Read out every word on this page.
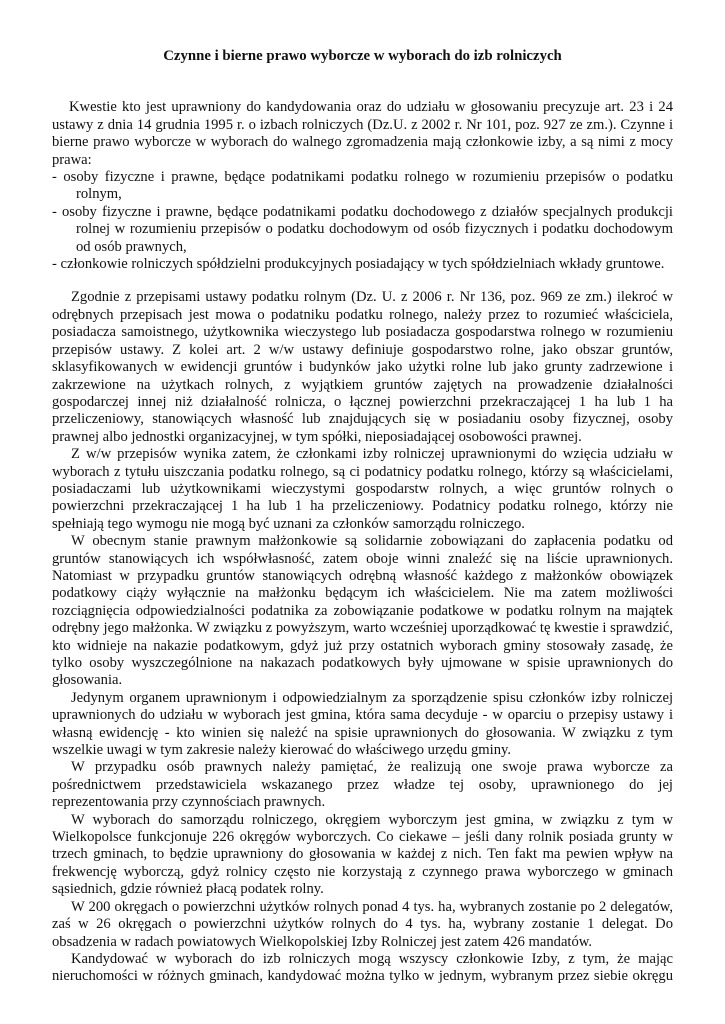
Czynne i bierne prawo wyborcze w wyborach do izb rolniczych

Kwestie kto jest uprawniony do kandydowania oraz do udziału w głosowaniu precyzuje art. 23 i 24 ustawy z dnia 14 grudnia 1995 r. o izbach rolniczych (Dz.U. z 2002 r. Nr 101, poz. 927 ze zm.). Czynne i bierne prawo wyborcze w wyborach do walnego zgromadzenia mają członkowie izby, a są nimi z mocy prawa:

- osoby fizyczne i prawne, będące podatnikami podatku rolnego w rozumieniu przepisów o podatku rolnym,
- osoby fizyczne i prawne, będące podatnikami podatku dochodowego z działów specjalnych produkcji rolnej w rozumieniu przepisów o podatku dochodowym od osób fizycznych i podatku dochodowym od osób prawnych,
- członkowie rolniczych spółdzielni produkcyjnych posiadający w tych spółdzielniach wkłady gruntowe.

Zgodnie z przepisami ustawy podatku rolnym (Dz. U. z 2006 r. Nr 136, poz. 969 ze zm.) ilekroć w odrębnych przepisach jest mowa o podatniku podatku rolnego, należy przez to rozumieć właściciela, posiadacza samoistnego, użytkownika wieczystego lub posiadacza gospodarstwa rolnego w rozumieniu przepisów ustawy. Z kolei art. 2 w/w ustawy definiuje gospodarstwo rolne, jako obszar gruntów, sklasyfikowanych w ewidencji gruntów i budynków jako użytki rolne lub jako grunty zadrzewione i zakrzewione na użytkach rolnych, z wyjątkiem gruntów zajętych na prowadzenie działalności gospodarczej innej niż działalność rolnicza, o łącznej powierzchni przekraczającej 1 ha lub 1 ha przeliczeniowy, stanowiących własność lub znajdujących się w posiadaniu osoby fizycznej, osoby prawnej albo jednostki organizacyjnej, w tym spółki, nieposiadającej osobowości prawnej.

Z w/w przepisów wynika zatem, że członkami izby rolniczej uprawnionymi do wzięcia udziału w wyborach z tytułu uiszczania podatku rolnego, są ci podatnicy podatku rolnego, którzy są właścicielami, posiadaczami lub użytkownikami wieczystymi gospodarstw rolnych, a więc gruntów rolnych o powierzchni przekraczającej 1 ha lub 1 ha przeliczeniowy. Podatnicy podatku rolnego, którzy nie spełniają tego wymogu nie mogą być uznani za członków samorządu rolniczego.

W obecnym stanie prawnym małżonkowie są solidarnie zobowiązani do zapłacenia podatku od gruntów stanowiących ich współwłasność, zatem oboje winni znaleźć się na liście uprawnionych. Natomiast w przypadku gruntów stanowiących odrębną własność każdego z małżonków obowiązek podatkowy ciąży wyłącznie na małżonku będącym ich właścicielem. Nie ma zatem możliwości rozciągnięcia odpowiedzialności podatnika za zobowiązanie podatkowe w podatku rolnym na majątek odrębny jego małżonka. W związku z powyższym, warto wcześniej uporządkować tę kwestie i sprawdzić, kto widnieje na nakazie podatkowym, gdyż już przy ostatnich wyborach gminy stosowały zasadę, że tylko osoby wyszczególnione na nakazach podatkowych były ujmowane w spisie uprawnionych do głosowania.

Jedynym organem uprawnionym i odpowiedzialnym za sporządzenie spisu członków izby rolniczej uprawnionych do udziału w wyborach jest gmina, która sama decyduje - w oparciu o przepisy ustawy i własną ewidencję - kto winien się należć na spisie uprawnionych do głosowania. W związku z tym wszelkie uwagi w tym zakresie należy kierować do właściwego urzędu gminy.

W przypadku osób prawnych należy pamiętać, że realizują one swoje prawa wyborcze za pośrednictwem przedstawiciela wskazanego przez władze tej osoby, uprawnionego do jej reprezentowania przy czynnościach prawnych.

W wyborach do samorządu rolniczego, okręgiem wyborczym jest gmina, w związku z tym w Wielkopolsce funkcjonuje 226 okręgów wyborczych. Co ciekawe – jeśli dany rolnik posiada grunty w trzech gminach, to będzie uprawniony do głosowania w każdej z nich. Ten fakt ma pewien wpływ na frekwencję wyborczą, gdyż rolnicy często nie korzystają z czynnego prawa wyborczego w gminach sąsiednich, gdzie również płacą podatek rolny.

W 200 okręgach o powierzchni użytków rolnych ponad 4 tys. ha, wybranych zostanie po 2 delegatów, zaś w 26 okręgach o powierzchni użytków rolnych do 4 tys. ha, wybrany zostanie 1 delegat. Do obsadzenia w radach powiatowych Wielkopolskiej Izby Rolniczej jest zatem 426 mandatów.

Kandydować w wyborach do izb rolniczych mogą wszyscy członkowie Izby, z tym, że mając nieruchomości w różnych gminach, kandydować można tylko w jednym, wybranym przez siebie okręgu
